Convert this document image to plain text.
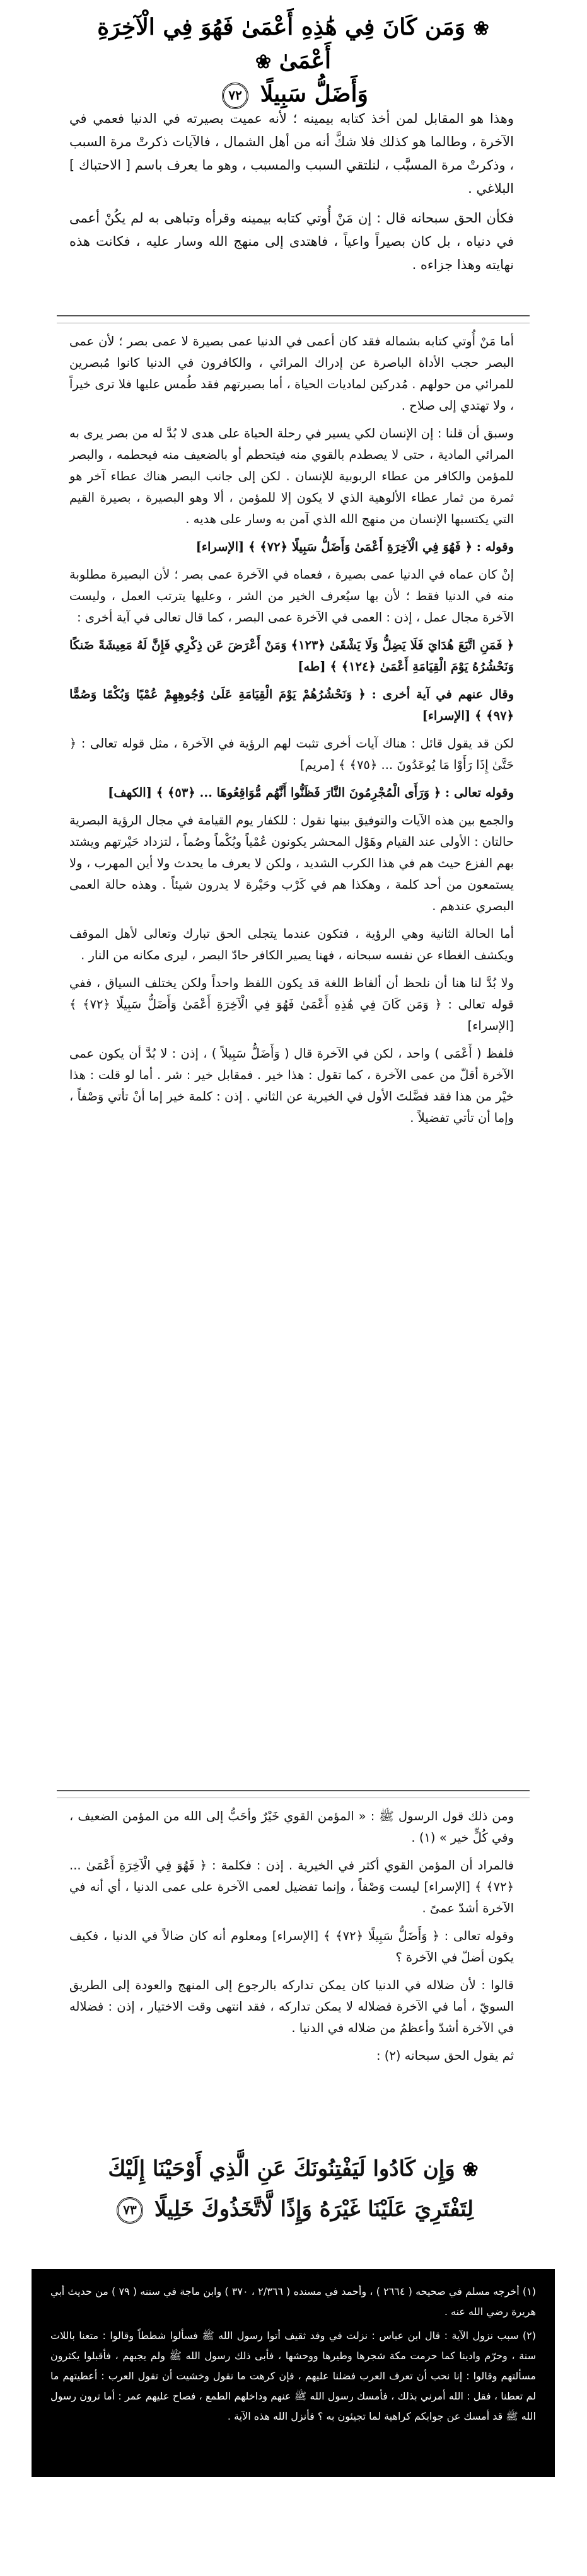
❀ وَمَن كَانَ فِي هَٰذِهِ أَعْمَىٰ فَهُوَ فِي الْآخِرَةِ أَعْمَىٰ ❀
وَأَضَلُّ سَبِيلًا ٧٢

وهذا هو المقابل لمن أخذ كتابه بيمينه ؛ لأنه عميت بصيرته في الدنيا فعمي في الآخرة ، وطالما هو كذلك فلا شكَّ أنه من أهل الشمال ، فالآيات ذكرتْ مرة السبب ، وذكرتْ مرة المسبَّب ، لنلتقي السبب والمسبب ، وهو ما يعرف باسم [ الاحتباك ] البلاغي .

فكأن الحق سبحانه قال : إن مَنْ أُوتي كتابه بيمينه وقرأه وتباهى به لم يكُنْ أعمى في دنياه ، بل كان بصيراً واعياً ، فاهتدى إلى منهج الله وسار عليه ، فكانت هذه نهايته وهذا جزاءه .

أما مَنْ أُوتي كتابه بشماله فقد كان أعمى في الدنيا عمى بصيرة لا عمى بصر ؛ لأن عمى البصر حجب الأداة الباصرة عن إدراك المرائي ، والكافرون في الدنيا كانوا مُبصرين للمرائي من حولهم . مُدركين لماديات الحياة ، أما بصيرتهم فقد طُمس عليها فلا ترى خيراً ، ولا تهتدي إلى صلاح .

وسبق أن قلنا : إن الإنسان لكي يسير في رحلة الحياة على هدى لا بُدَّ له من بصر يرى به المرائي المادية ، حتى لا يصطدم بالقوي منه فيتحطم أو بالضعيف منه فيحطمه ، والبصر للمؤمن والكافر من عطاء الربوبية للإنسان . لكن إلى جانب البصر هناك عطاء آخر هو ثمرة من ثمار عطاء الألوهية الذي لا يكون إلا للمؤمن ، ألا وهو البصيرة ، بصيرة القيم التي يكتسبها الإنسان من منهج الله الذي آمن به وسار على هديه .

وقوله : ﴿ فَهُوَ فِي الْآخِرَةِ أَعْمَىٰ وَأَضَلُّ سَبِيلًا ﴿٧٢﴾ ﴾ [الإسراء]

إنْ كان عماه في الدنيا عمى بصيرة ، فعماه في الآخرة عمى بصر ؛ لأن البصيرة مطلوبة منه في الدنيا فقط ؛ لأن بها سيُعرف الخير من الشر ، وعليها يترتب العمل ، وليست الآخرة مجال عمل ، إذن : العمى في الآخرة عمى البصر ، كما قال تعالى في آية أخرى :

﴿ فَمَنِ اتَّبَعَ هُدَايَ فَلَا يَضِلُّ وَلَا يَشْقَىٰ ﴿١٢٣﴾ وَمَنْ أَعْرَضَ عَن ذِكْرِي فَإِنَّ لَهُ مَعِيشَةً ضَنكًا وَنَحْشُرُهُ يَوْمَ الْقِيَامَةِ أَعْمَىٰ ﴿١٢٤﴾ ﴾ [طه]

وقال عنهم في آية أخرى : ﴿ وَنَحْشُرُهُمْ يَوْمَ الْقِيَامَةِ عَلَىٰ وُجُوهِهِمْ عُمْيًا وَبُكْمًا وَصُمًّا ﴿٩٧﴾ ﴾ [الإسراء]

لكن قد يقول قائل : هناك آيات أخرى تثبت لهم الرؤية في الآخرة ، مثل قوله تعالى : ﴿ حَتَّىٰ إِذَا رَأَوْا مَا يُوعَدُونَ ... ﴿٧٥﴾ ﴾ [مريم]

وقوله تعالى : ﴿ وَرَأَى الْمُجْرِمُونَ النَّارَ فَظَنُّوا أَنَّهُم مُّوَاقِعُوهَا ... ﴿٥٣﴾ ﴾ [الكهف]

والجمع بين هذه الآيات والتوفيق بينها نقول : للكفار يوم القيامة في مجال الرؤية البصرية حالتان : الأولى عند القيام وهَوْل المحشر يكونون عُمْياً وبُكْماً وصُماً ، لتزداد حَيْرتهم ويشتد بهم الفزع حيث هم في هذا الكرب الشديد ، ولكن لا يعرف ما يحدث ولا أين المهرب ، ولا يستمعون من أحد كلمة ، وهكذا هم في كَرْب وحَيْرة لا يدرون شيئاً . وهذه حالة العمى البصري عندهم .

أما الحالة الثانية وهي الرؤية ، فتكون عندما يتجلى الحق تبارك وتعالى لأهل الموقف ويكشف الغطاء عن نفسه سبحانه ، فهنا يصير الكافر حادّ البصر ، ليرى مكانه من النار .

ولا بُدَّ لنا هنا أن نلحظ أن ألفاظ اللغة قد يكون اللفظ واحداً ولكن يختلف السياق ، ففي قوله تعالى : ﴿ وَمَن كَانَ فِي هَٰذِهِ أَعْمَىٰ فَهُوَ فِي الْآخِرَةِ أَعْمَىٰ وَأَضَلُّ سَبِيلًا ﴿٧٢﴾ ﴾ [الإسراء]

فلفظ ( أَعْمَى ) واحد ، لكن في الآخرة قال ( وَأَضَلُّ سَبِيلاً ) ، إذن : لا بُدَّ أن يكون عمى الآخرة أقلّ من عمى الآخرة ، كما تقول : هذا خير . فمقابل خير : شر . أما لو قلت : هذا خيْر من هذا فقد فضَّلتَ الأول في الخيرية عن الثاني . إذن : كلمة خير إما أنْ تأتي وَصْفاً ، وإما أن تأتي تفضيلاً .

ومن ذلك قول الرسول ﷺ : « المؤمن القوي خَيْرٌ وأحَبُّ إلى الله من المؤمن الضعيف ، وفي كُلٍّ خير » (١) .

فالمراد أن المؤمن القوي أكثر في الخيرية . إذن : فكلمة : ﴿ فَهُوَ فِي الْآخِرَةِ أَعْمَىٰ ... ﴿٧٢﴾ ﴾ [الإسراء] ليست وَصْفاً ، وإنما تفضيل لعمى الآخرة على عمى الدنيا ، أي أنه في الآخرة أشدّ عمىً .

وقوله تعالى : ﴿ وَأَضَلُّ سَبِيلًا ﴿٧٢﴾ ﴾ [الإسراء] ومعلوم أنه كان ضالاً في الدنيا ، فكيف يكون أضلّ في الآخرة ؟

قالوا : لأن ضلاله في الدنيا كان يمكن تداركه بالرجوع إلى المنهج والعودة إلى الطريق السويّ ، أما في الآخرة فضلاله لا يمكن تداركه ، فقد انتهى وقت الاختيار ، إذن : فضلاله في الآخرة أشدّ وأعظمُ من ضلاله في الدنيا .

ثم يقول الحق سبحانه (٢) :

❀ وَإِن كَادُوا لَيَفْتِنُونَكَ عَنِ الَّذِي أَوْحَيْنَا إِلَيْكَ
لِتَفْتَرِيَ عَلَيْنَا غَيْرَهُ وَإِذًا لَّاتَّخَذُوكَ خَلِيلًا ٧٣

(١) أخرجه مسلم في صحيحه ( ٢٦٦٤ ) ، وأحمد في مسنده ( ٢/٣٦٦ ، ٣٧٠ ) وابن ماجة في سننه ( ٧٩ ) من حديث أبي هريرة رضي الله عنه .

(٢) سبب نزول الآية : قال ابن عباس : نزلت في وفد ثقيف أتوا رسول الله ﷺ فسألوا شططاً وقالوا : متعنا باللات سنة ، وحرّم وادينا كما حرمت مكة شجرها وطيرها ووحشها ، فأبى ذلك رسول الله ﷺ ولم يجبهم ، فأقبلوا يكثرون مسألتهم وقالوا : إنا نحب أن تعرف العرب فضلنا عليهم ، فإن كرهت ما نقول وخشيت أن تقول العرب : أعطيتهم ما لم تعطنا ، فقل : الله أمرني بذلك ، فأمسك رسول الله ﷺ عنهم وداخلهم الطمع ، فصاح عليهم عمر : أما ترون رسول الله ﷺ قد أمسك عن جوابكم كراهية لما تجيئون به ؟ فأنزل الله هذه الآية .
